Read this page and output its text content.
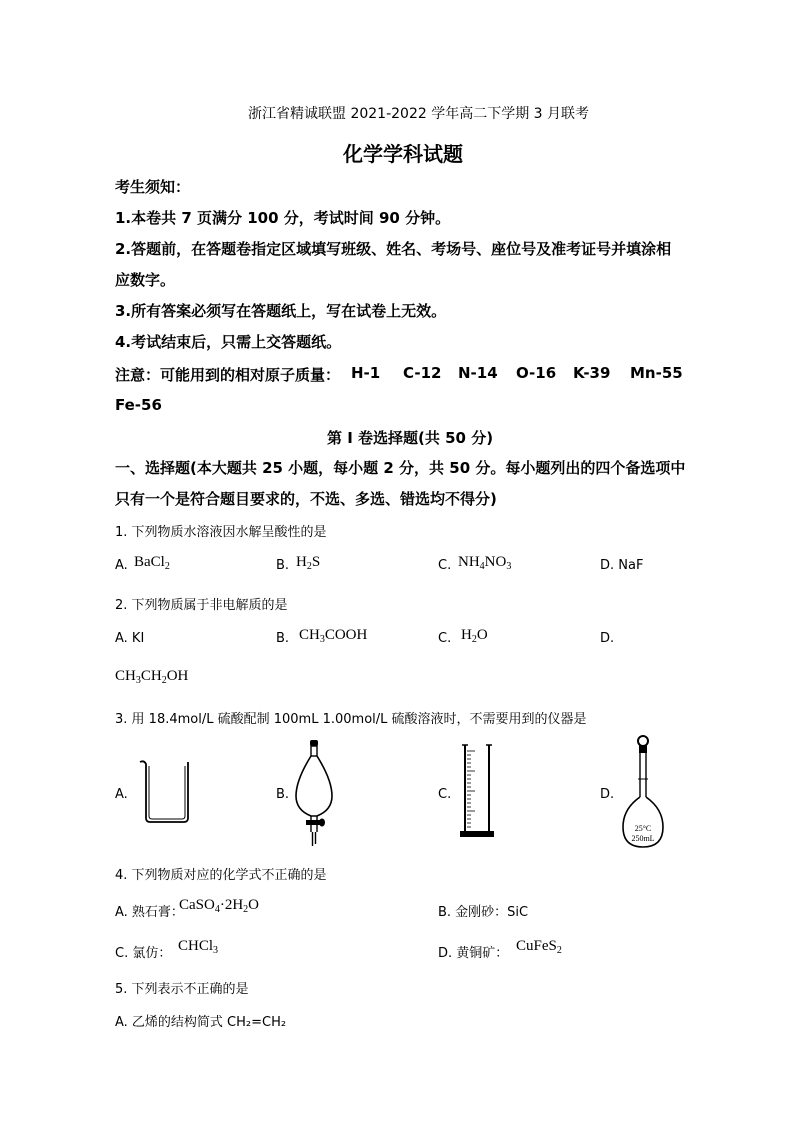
浙江省精诚联盟 2021-2022 学年高二下学期 3 月联考
化学学科试题
考生须知：
1.本卷共 7 页满分 100 分，考试时间 90 分钟。
2.答题前，在答题卷指定区域填写班级、姓名、考场号、座位号及准考证号并填涂相
应数字。
3.所有答案必须写在答题纸上，写在试卷上无效。
4.考试结束后，只需上交答题纸。
注意：可能用到的相对原子质量： H-1 C-12 N-14 O-16 K-39 Mn-55
Fe-56
第 I 卷选择题(共 50 分)
一、选择题(本大题共 25 小题，每小题 2 分，共 50 分。每小题列出的四个备选项中
只有一个是符合题目要求的，不选、多选、错选均不得分)
1. 下列物质水溶液因水解呈酸性的是
A. BaCl$_2$	B. $H_2S$	C. $NH_4NO_3$	D. NaF
2. 下列物质属于非电解质的是
A. KI	B. $CH_3COOH$	C. $H_2O$	D.
$CH_3CH_2OH$
3. 用 18.4mol/L 硫酸配制 100mL 1.00mol/L 硫酸溶液时，不需要用到的仪器是
A.	B.	C.	D.
25°C
250mL
4. 下列物质对应的化学式不正确的是
A. 熟石膏：
$CaSO_4\cdot 2H_2O$	B. 金刚砂：SiC
C. 氯仿： CHCl$_3$	D. 黄铜矿： CuFeS$_2$
5. 下列表示不正确的是
A. 乙烯的结构简式 CH₂=CH₂
